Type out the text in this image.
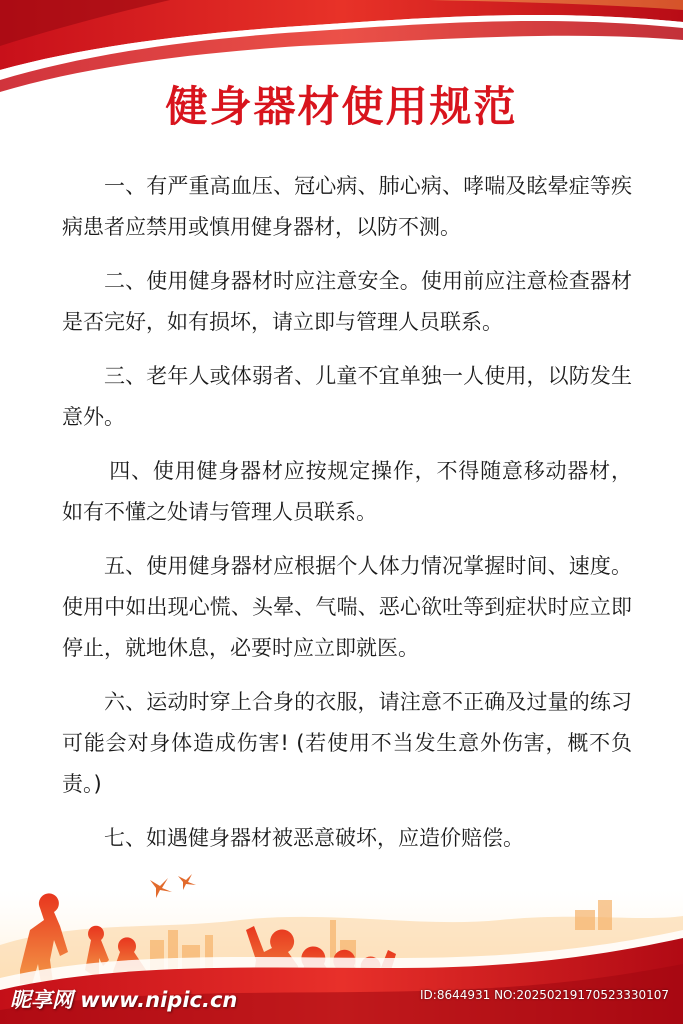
健身器材使用规范

一、有严重高血压、冠心病、肺心病、哮喘及眩晕症等疾病患者应禁用或慎用健身器材，以防不测。

二、使用健身器材时应注意安全。使用前应注意检查器材是否完好，如有损坏，请立即与管理人员联系。

三、老年人或体弱者、儿童不宜单独一人使用，以防发生意外。

四、使用健身器材应按规定操作，不得随意移动器材，如有不懂之处请与管理人员联系。

五、使用健身器材应根据个人体力情况掌握时间、速度。使用中如出现心慌、头晕、气喘、恶心欲吐等到症状时应立即停止，就地休息，必要时应立即就医。

六、运动时穿上合身的衣服，请注意不正确及过量的练习可能会对身体造成伤害! (若使用不当发生意外伤害，概不负责。)

七、如遇健身器材被恶意破坏，应造价赔偿。

昵享网 www.nipic.cn	ID:8644931 NO:20250219170523330107
